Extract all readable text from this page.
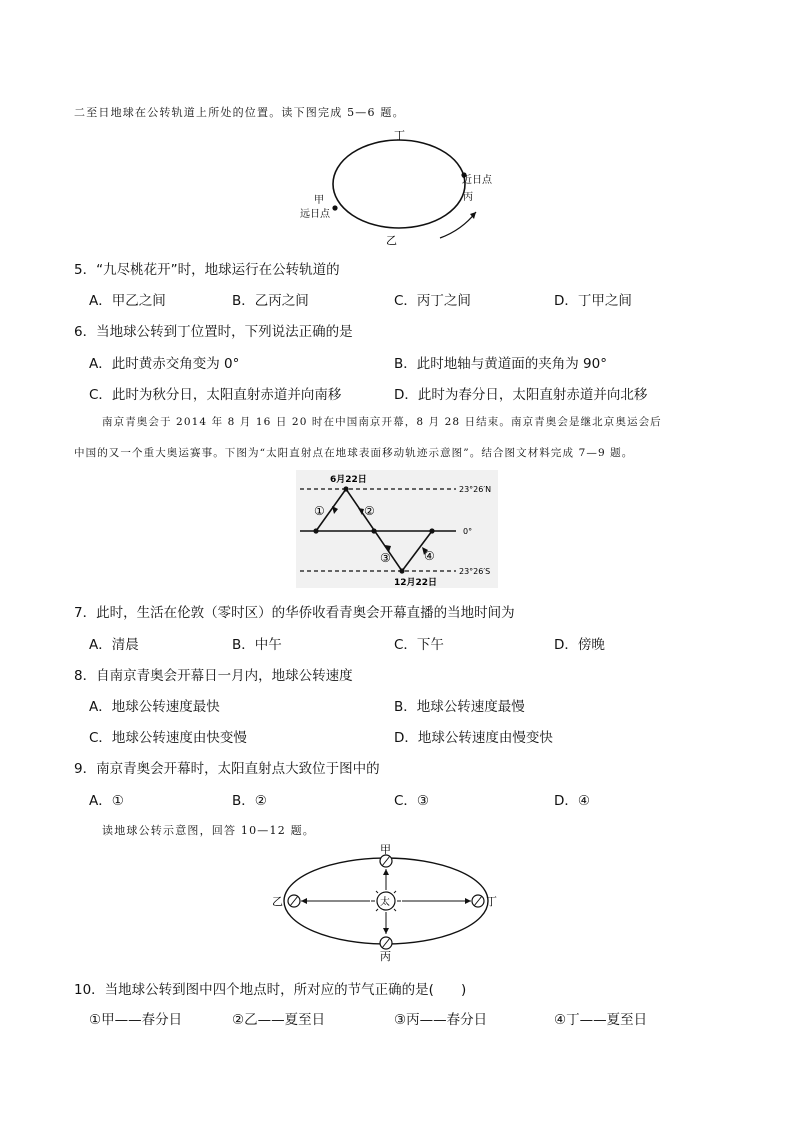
二至日地球在公转轨道上所处的位置。读下图完成 5—6 题。
丁
乙
近日点
丙
甲
远日点
5．“九尽桃花开”时，地球运行在公转轨道的
A．甲乙之间	B．乙丙之间	C．丙丁之间	D．丁甲之间
6．当地球公转到丁位置时，下列说法正确的是
A．此时黄赤交角变为 0°	B．此时地轴与黄道面的夹角为 90°
C．此时为秋分日，太阳直射赤道并向南移	D．此时为春分日，太阳直射赤道并向北移
南京青奥会于 2014 年 8 月 16 日 20 时在中国南京开幕，8 月 28 日结束。南京青奥会是继北京奥运会后
中国的又一个重大奥运赛事。下图为“太阳直射点在地球表面移动轨迹示意图”。结合图文材料完成 7—9 题。
6月22日
12月22日
23°26′N
0°
23°26′S
①	②
③	④
7．此时，生活在伦敦（零时区）的华侨收看青奥会开幕直播的当地时间为
A．清晨	B．中午	C．下午	D．傍晚
8．自南京青奥会开幕日一月内，地球公转速度
A．地球公转速度最快	B．地球公转速度最慢
C．地球公转速度由快变慢	D．地球公转速度由慢变快
9．南京青奥会开幕时，太阳直射点大致位于图中的
A．①	B．②	C．③	D．④
读地球公转示意图，回答 10—12 题。
太
甲
乙	丁
丙
10．当地球公转到图中四个地点时，所对应的节气正确的是(　　)
①甲——春分日	②乙——夏至日	③丙——春分日	④丁——夏至日
